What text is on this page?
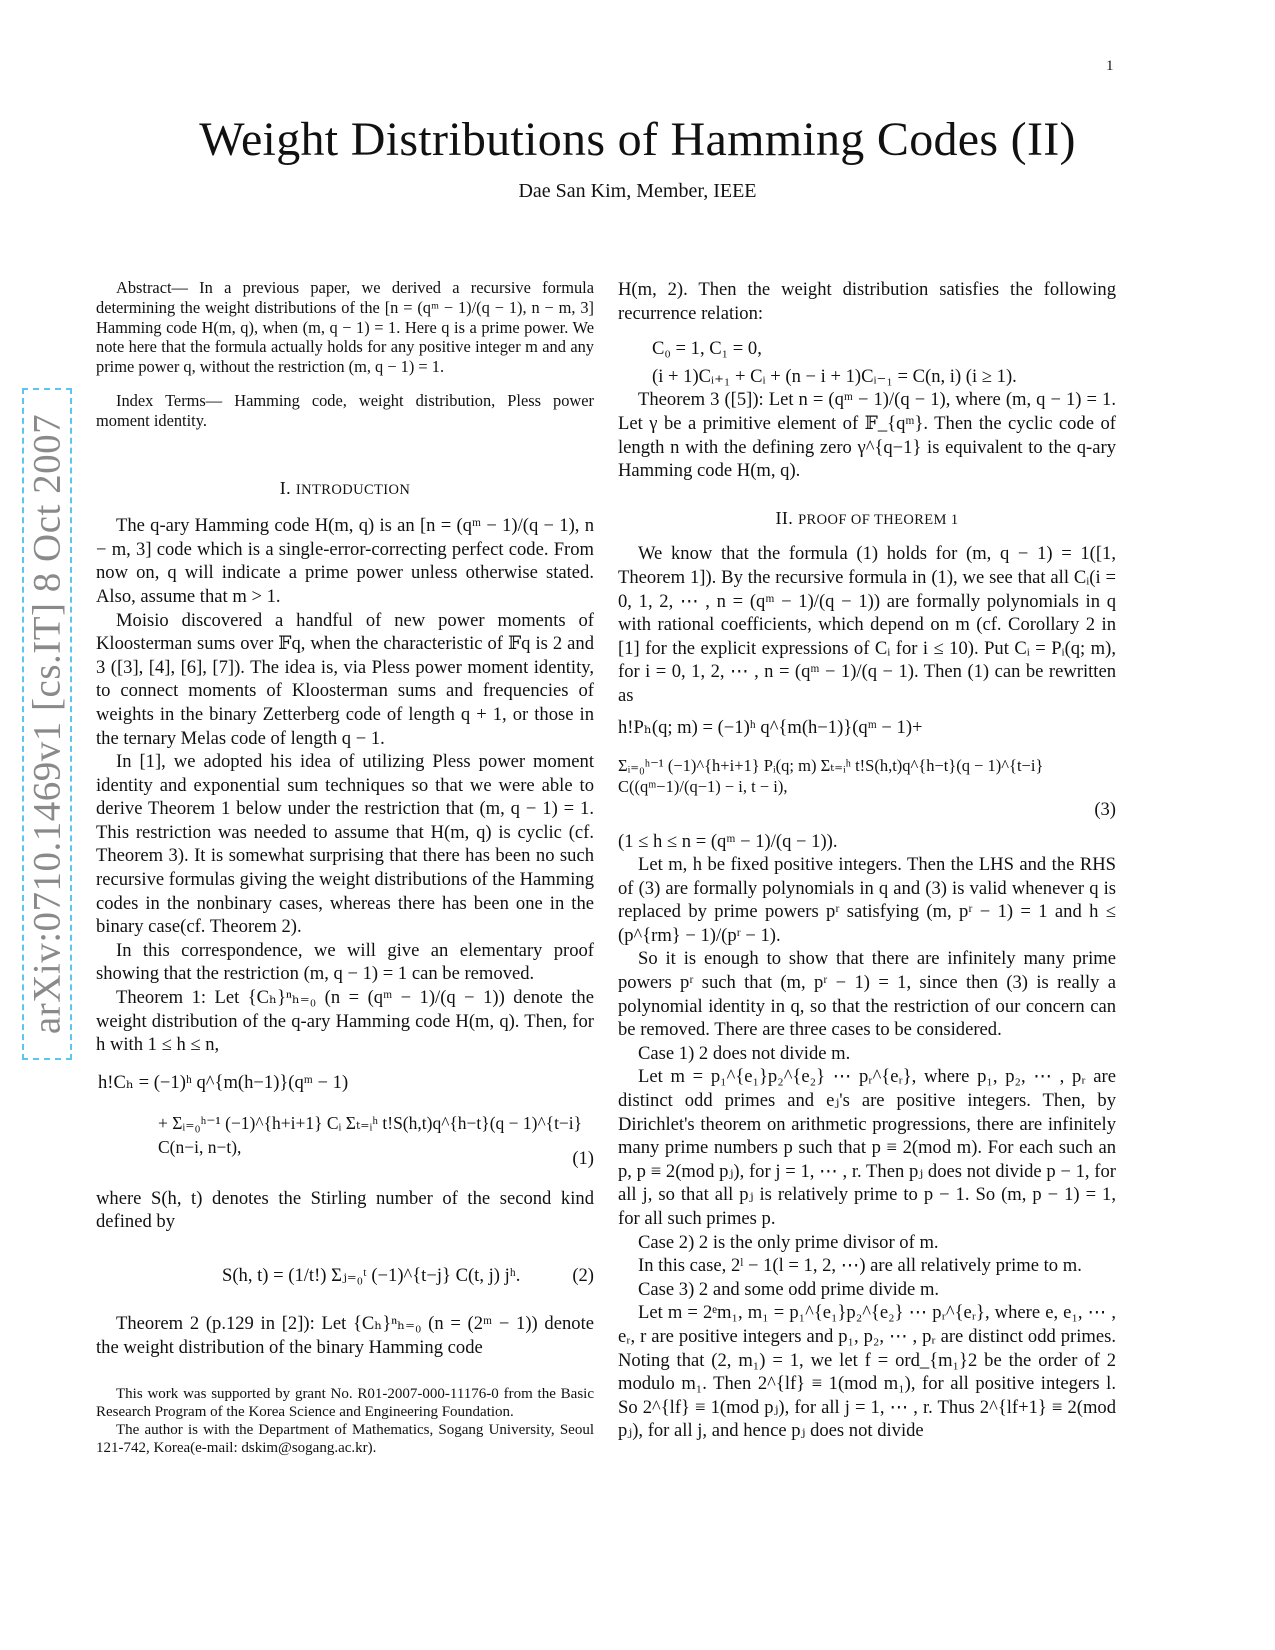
1
Weight Distributions of Hamming Codes (II)
Dae San Kim, Member, IEEE
arXiv:0710.1469v1 [cs.IT] 8 Oct 2007

Abstract— In a previous paper, we derived a recursive formula determining the weight distributions of the [n = (qᵐ − 1)/(q − 1), n − m, 3] Hamming code H(m, q), when (m, q − 1) = 1. Here q is a prime power. We note here that the formula actually holds for any positive integer m and any prime power q, without the restriction (m, q − 1) = 1.

Index Terms— Hamming code, weight distribution, Pless power moment identity.

I. INTRODUCTION

The q-ary Hamming code H(m, q) is an [n = (qᵐ − 1)/(q − 1), n − m, 3] code which is a single-error-correcting perfect code. From now on, q will indicate a prime power unless otherwise stated. Also, assume that m > 1.

Moisio discovered a handful of new power moments of Kloosterman sums over 𝔽q, when the characteristic of 𝔽q is 2 and 3 ([3], [4], [6], [7]). The idea is, via Pless power moment identity, to connect moments of Kloosterman sums and frequencies of weights in the binary Zetterberg code of length q + 1, or those in the ternary Melas code of length q − 1.

In [1], we adopted his idea of utilizing Pless power moment identity and exponential sum techniques so that we were able to derive Theorem 1 below under the restriction that (m, q − 1) = 1. This restriction was needed to assume that H(m, q) is cyclic (cf. Theorem 3). It is somewhat surprising that there has been no such recursive formulas giving the weight distributions of the Hamming codes in the nonbinary cases, whereas there has been one in the binary case(cf. Theorem 2).

In this correspondence, we will give an elementary proof showing that the restriction (m, q − 1) = 1 can be removed.

Theorem 1: Let {Cₕ}ⁿₕ₌₀ (n = (qᵐ − 1)/(q − 1)) denote the weight distribution of the q-ary Hamming code H(m, q). Then, for h with 1 ≤ h ≤ n,

h!Cₕ = (−1)ʰ q^{m(h−1)}(qᵐ − 1)
+ Σᵢ₌₀ʰ⁻¹ (−1)^{h+i+1} Cᵢ Σₜ₌ᵢʰ t!S(h,t)q^{h−t}(q − 1)^{t−i} C(n−i, n−t),
(1)

where S(h, t) denotes the Stirling number of the second kind defined by

S(h, t) = (1/t!) Σⱼ₌₀ᵗ (−1)^{t−j} C(t, j) jʰ.	(2)

Theorem 2 (p.129 in [2]): Let {Cₕ}ⁿₕ₌₀ (n = (2ᵐ − 1)) denote the weight distribution of the binary Hamming code

This work was supported by grant No. R01-2007-000-11176-0 from the Basic Research Program of the Korea Science and Engineering Foundation.

The author is with the Department of Mathematics, Sogang University, Seoul 121-742, Korea(e-mail: dskim@sogang.ac.kr).

H(m, 2). Then the weight distribution satisfies the following recurrence relation:

C₀ = 1, C₁ = 0,
(i + 1)Cᵢ₊₁ + Cᵢ + (n − i + 1)Cᵢ₋₁ = C(n, i) (i ≥ 1).

Theorem 3 ([5]): Let n = (qᵐ − 1)/(q − 1), where (m, q − 1) = 1. Let γ be a primitive element of 𝔽_{qᵐ}. Then the cyclic code of length n with the defining zero γ^{q−1} is equivalent to the q-ary Hamming code H(m, q).

II. PROOF OF THEOREM 1

We know that the formula (1) holds for (m, q − 1) = 1([1, Theorem 1]). By the recursive formula in (1), we see that all Cᵢ(i = 0, 1, 2, ⋯ , n = (qᵐ − 1)/(q − 1)) are formally polynomials in q with rational coefficients, which depend on m (cf. Corollary 2 in [1] for the explicit expressions of Cᵢ for i ≤ 10). Put Cᵢ = Pᵢ(q; m), for i = 0, 1, 2, ⋯ , n = (qᵐ − 1)/(q − 1). Then (1) can be rewritten as

h!Pₕ(q; m) = (−1)ʰ q^{m(h−1)}(qᵐ − 1)+
Σᵢ₌₀ʰ⁻¹ (−1)^{h+i+1} Pᵢ(q; m) Σₜ₌ᵢʰ t!S(h,t)q^{h−t}(q − 1)^{t−i} C((qᵐ−1)/(q−1) − i, t − i),
(3)

(1 ≤ h ≤ n = (qᵐ − 1)/(q − 1)).

Let m, h be fixed positive integers. Then the LHS and the RHS of (3) are formally polynomials in q and (3) is valid whenever q is replaced by prime powers pʳ satisfying (m, pʳ − 1) = 1 and h ≤ (p^{rm} − 1)/(pʳ − 1).

So it is enough to show that there are infinitely many prime powers pʳ such that (m, pʳ − 1) = 1, since then (3) is really a polynomial identity in q, so that the restriction of our concern can be removed. There are three cases to be considered.

Case 1) 2 does not divide m.

Let m = p₁^{e₁}p₂^{e₂} ⋯ pᵣ^{eᵣ}, where p₁, p₂, ⋯ , pᵣ are distinct odd primes and eⱼ's are positive integers. Then, by Dirichlet's theorem on arithmetic progressions, there are infinitely many prime numbers p such that p ≡ 2(mod m). For each such an p, p ≡ 2(mod pⱼ), for j = 1, ⋯ , r. Then pⱼ does not divide p − 1, for all j, so that all pⱼ is relatively prime to p − 1. So (m, p − 1) = 1, for all such primes p.

Case 2) 2 is the only prime divisor of m.

In this case, 2ˡ − 1(l = 1, 2, ⋯) are all relatively prime to m.

Case 3) 2 and some odd prime divide m.

Let m = 2ᵉm₁, m₁ = p₁^{e₁}p₂^{e₂} ⋯ pᵣ^{eᵣ}, where e, e₁, ⋯ , eᵣ, r are positive integers and p₁, p₂, ⋯ , pᵣ are distinct odd primes. Noting that (2, m₁) = 1, we let f = ord_{m₁}2 be the order of 2 modulo m₁. Then 2^{lf} ≡ 1(mod m₁), for all positive integers l. So 2^{lf} ≡ 1(mod pⱼ), for all j = 1, ⋯ , r. Thus 2^{lf+1} ≡ 2(mod pⱼ), for all j, and hence pⱼ does not divide
